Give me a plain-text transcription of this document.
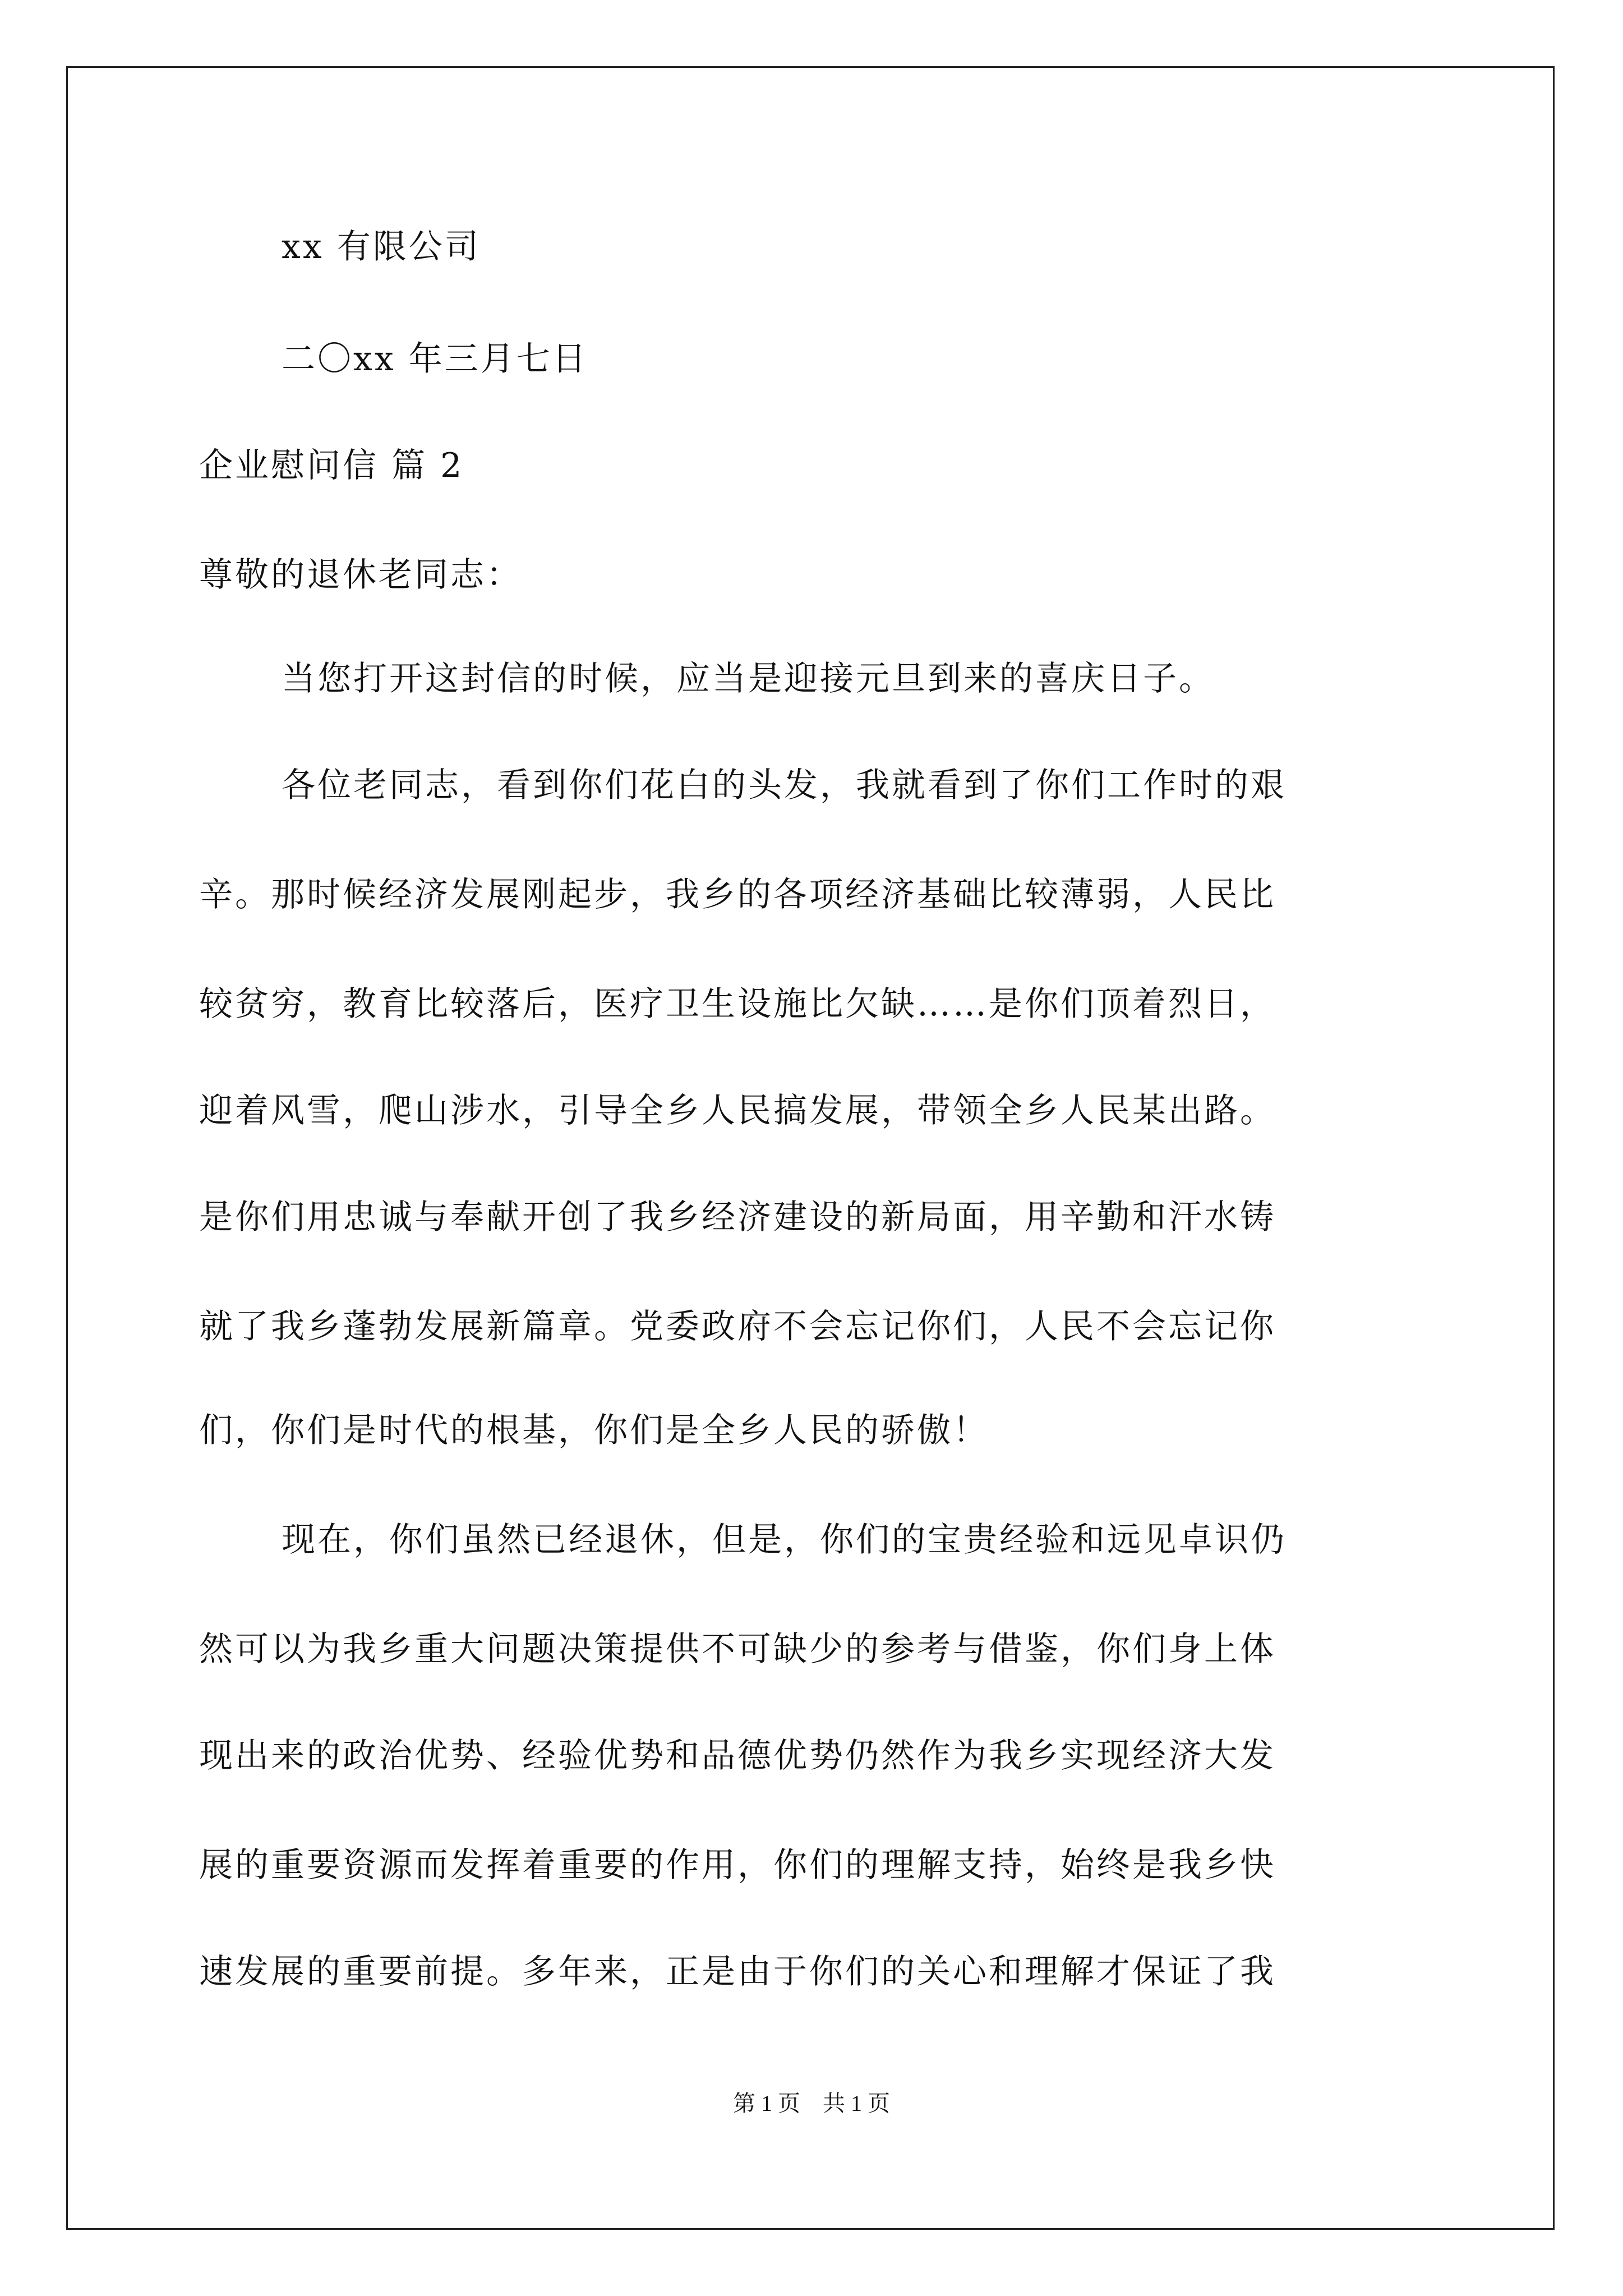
xx 有限公司
二〇xx 年三月七日
企业慰问信 篇 2
尊敬的退休老同志：
当您打开这封信的时候，应当是迎接元旦到来的喜庆日子。
各位老同志，看到你们花白的头发，我就看到了你们工作时的艰
辛。那时候经济发展刚起步，我乡的各项经济基础比较薄弱，人民比
较贫穷，教育比较落后，医疗卫生设施比欠缺……是你们顶着烈日，
迎着风雪，爬山涉水，引导全乡人民搞发展，带领全乡人民某出路。
是你们用忠诚与奉献开创了我乡经济建设的新局面，用辛勤和汗水铸
就了我乡蓬勃发展新篇章。党委政府不会忘记你们，人民不会忘记你
们，你们是时代的根基，你们是全乡人民的骄傲！
现在，你们虽然已经退休，但是，你们的宝贵经验和远见卓识仍
然可以为我乡重大问题决策提供不可缺少的参考与借鉴，你们身上体
现出来的政治优势、经验优势和品德优势仍然作为我乡实现经济大发
展的重要资源而发挥着重要的作用，你们的理解支持，始终是我乡快
速发展的重要前提。多年来，正是由于你们的关心和理解才保证了我
第 1 页　共 1 页
